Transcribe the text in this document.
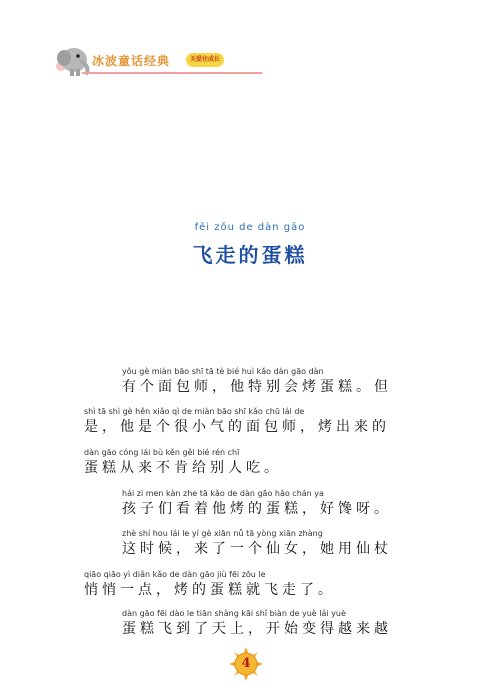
冰波童话经典	关爱往成长
fēi zǒu de dàn gāo
飞走的蛋糕
yǒu gè miàn bāo shī tā tè bié huì kǎo dàn gāo dàn
有个面包师，他特别会烤蛋糕。但
shì tā shì gè hěn xiǎo qì de miàn bāo shī kǎo chū lái de
是，他是个很小气的面包师，烤出来的
dàn gāo cóng lái bù kěn gěi bié rén chī
蛋糕从来不肯给别人吃。
hái zi men kàn zhe tā kǎo de dàn gāo hǎo chán ya
孩子们看着他烤的蛋糕，好馋呀。
zhè shí hou lái le yí gè xiān nǚ tā yòng xiān zhàng
这时候，来了一个仙女，她用仙杖
qiāo qiāo yì diǎn kǎo de dàn gāo jiù fēi zǒu le
悄悄一点，烤的蛋糕就飞走了。
dàn gāo fēi dào le tiān shàng kāi shǐ biàn de yuè lái yuè
蛋糕飞到了天上，开始变得越来越
4
